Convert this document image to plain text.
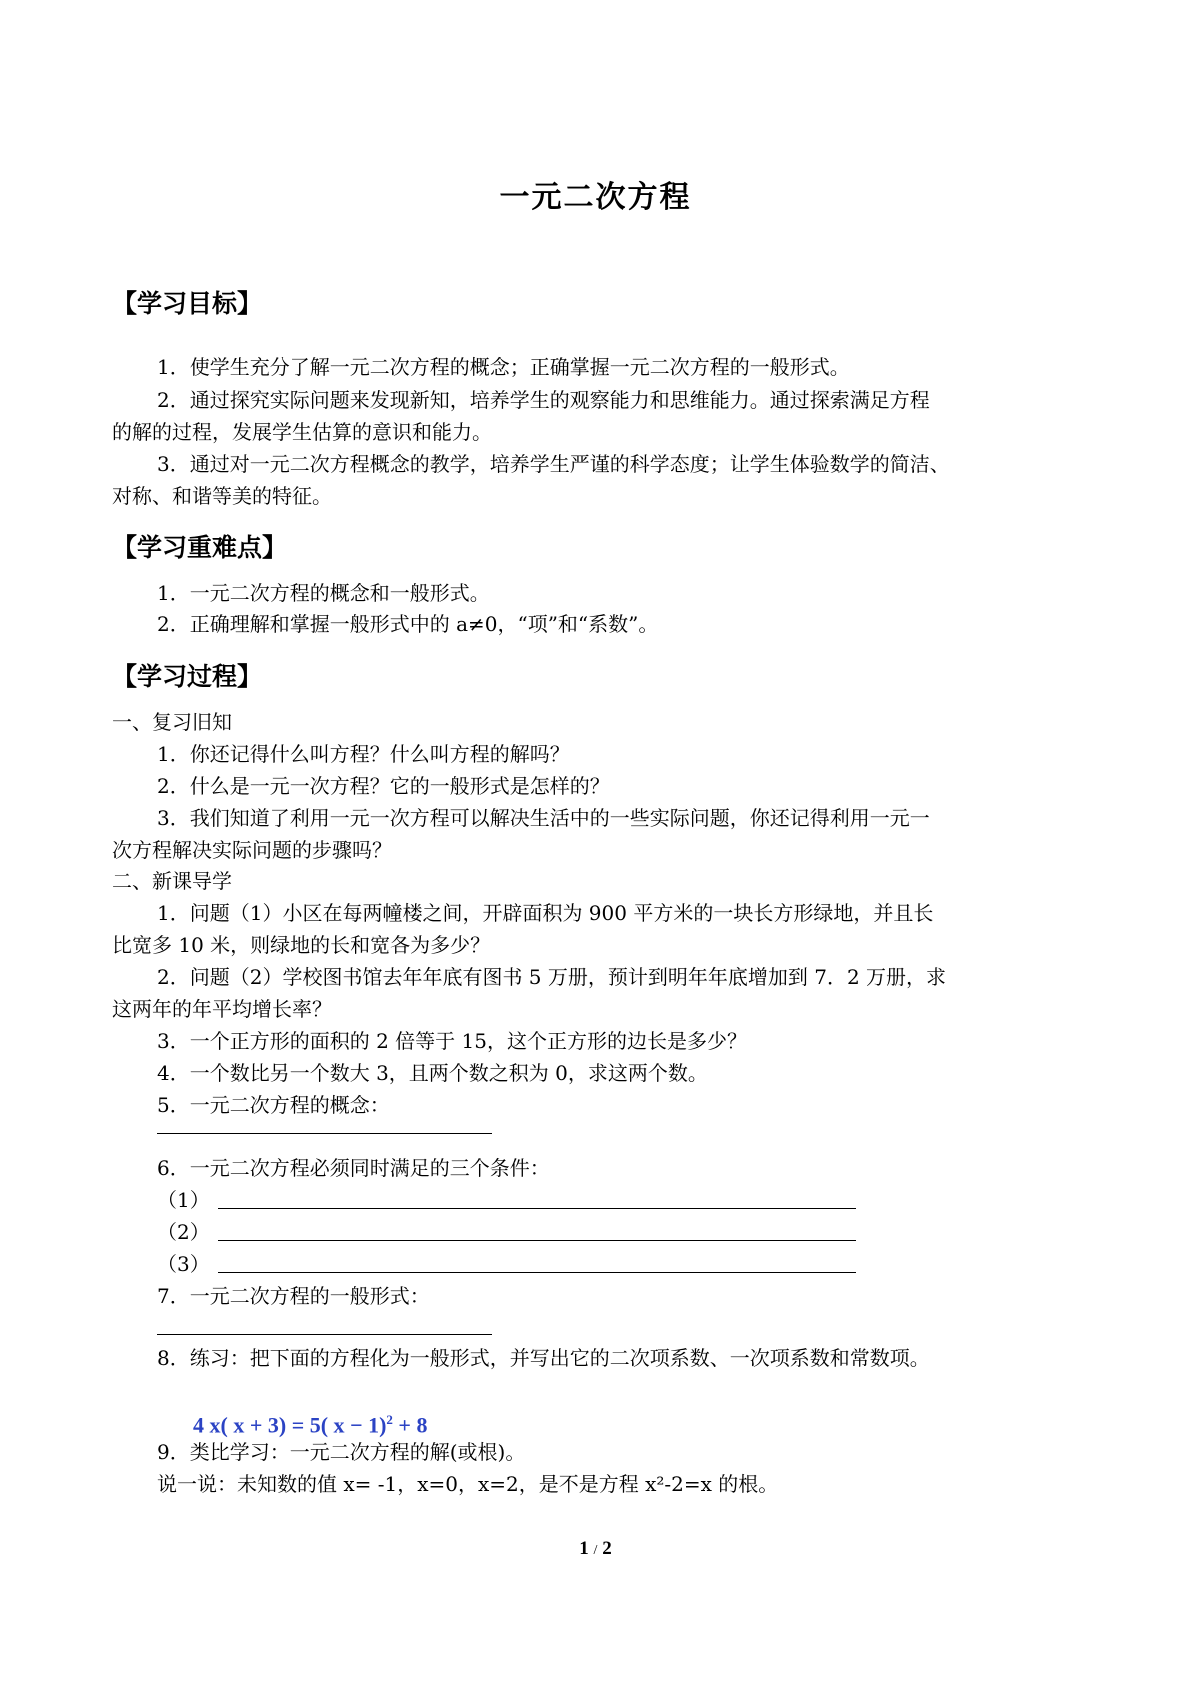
一元二次方程
【学习目标】
1．使学生充分了解一元二次方程的概念；正确掌握一元二次方程的一般形式。
2．通过探究实际问题来发现新知，培养学生的观察能力和思维能力。通过探索满足方程
的解的过程，发展学生估算的意识和能力。
3．通过对一元二次方程概念的教学，培养学生严谨的科学态度；让学生体验数学的简洁、
对称、和谐等美的特征。
【学习重难点】
1．一元二次方程的概念和一般形式。
2．正确理解和掌握一般形式中的 a≠0，“项”和“系数”。
【学习过程】
一、复习旧知
1．你还记得什么叫方程？什么叫方程的解吗？
2．什么是一元一次方程？它的一般形式是怎样的？
3．我们知道了利用一元一次方程可以解决生活中的一些实际问题，你还记得利用一元一
次方程解决实际问题的步骤吗？
二、新课导学
1．问题（1）小区在每两幢楼之间，开辟面积为 900 平方米的一块长方形绿地，并且长
比宽多 10 米，则绿地的长和宽各为多少？
2．问题（2）学校图书馆去年年底有图书 5 万册，预计到明年年底增加到 7．2 万册，求
这两年的年平均增长率？
3．一个正方形的面积的 2 倍等于 15，这个正方形的边长是多少？
4．一个数比另一个数大 3，且两个数之积为 0，求这两个数。
5．一元二次方程的概念：
6．一元二次方程必须同时满足的三个条件：
（1）
（2）
（3）
7．一元二次方程的一般形式：
8．练习：把下面的方程化为一般形式，并写出它的二次项系数、一次项系数和常数项。
9．类比学习：一元二次方程的解(或根)。
4 x( x + 3) = 5( x − 1)$^2$ + 8
说一说：未知数的值 x= -1，x=0，x=2，是不是方程 x²-2=x 的根。
1 / 2
